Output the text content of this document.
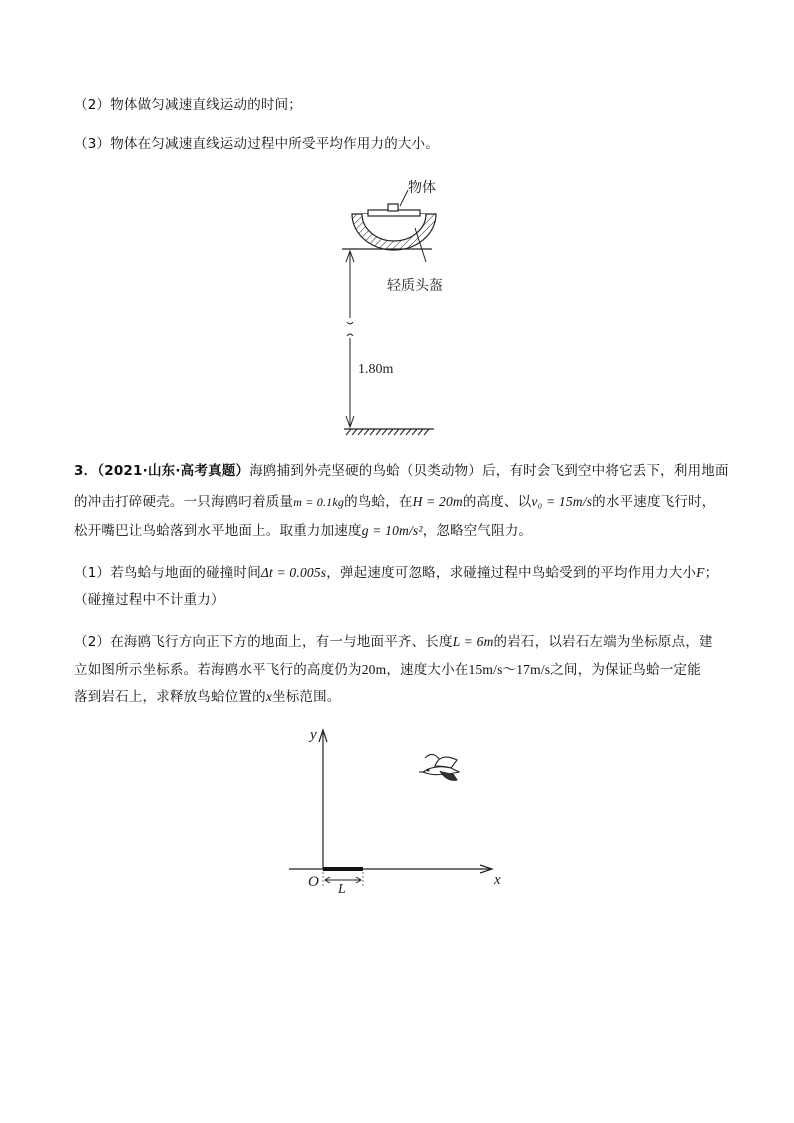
（2）物体做匀减速直线运动的时间；
（3）物体在匀减速直线运动过程中所受平均作用力的大小。
物体
轻质头盔
1.80m
3．（2021·山东·高考真题）海鸥捕到外壳坚硬的鸟蛤（贝类动物）后，有时会飞到空中将它丢下，利用地面
的冲击打碎硬壳。一只海鸥叼着质量m = 0.1kg的鸟蛤，在H = 20m的高度、以v₀ = 15m/s的水平速度飞行时，
松开嘴巴让鸟蛤落到水平地面上。取重力加速度g = 10m/s²，忽略空气阻力。
（1）若鸟蛤与地面的碰撞时间Δt = 0.005s，弹起速度可忽略，求碰撞过程中鸟蛤受到的平均作用力大小F；
（碰撞过程中不计重力）
（2）在海鸥飞行方向正下方的地面上，有一与地面平齐、长度L = 6m的岩石，以岩石左端为坐标原点，建
立如图所示坐标系。若海鸥水平飞行的高度仍为20m，速度大小在15m/s～17m/s之间，为保证鸟蛤一定能
落到岩石上，求释放鸟蛤位置的x坐标范围。
y
x
O L
